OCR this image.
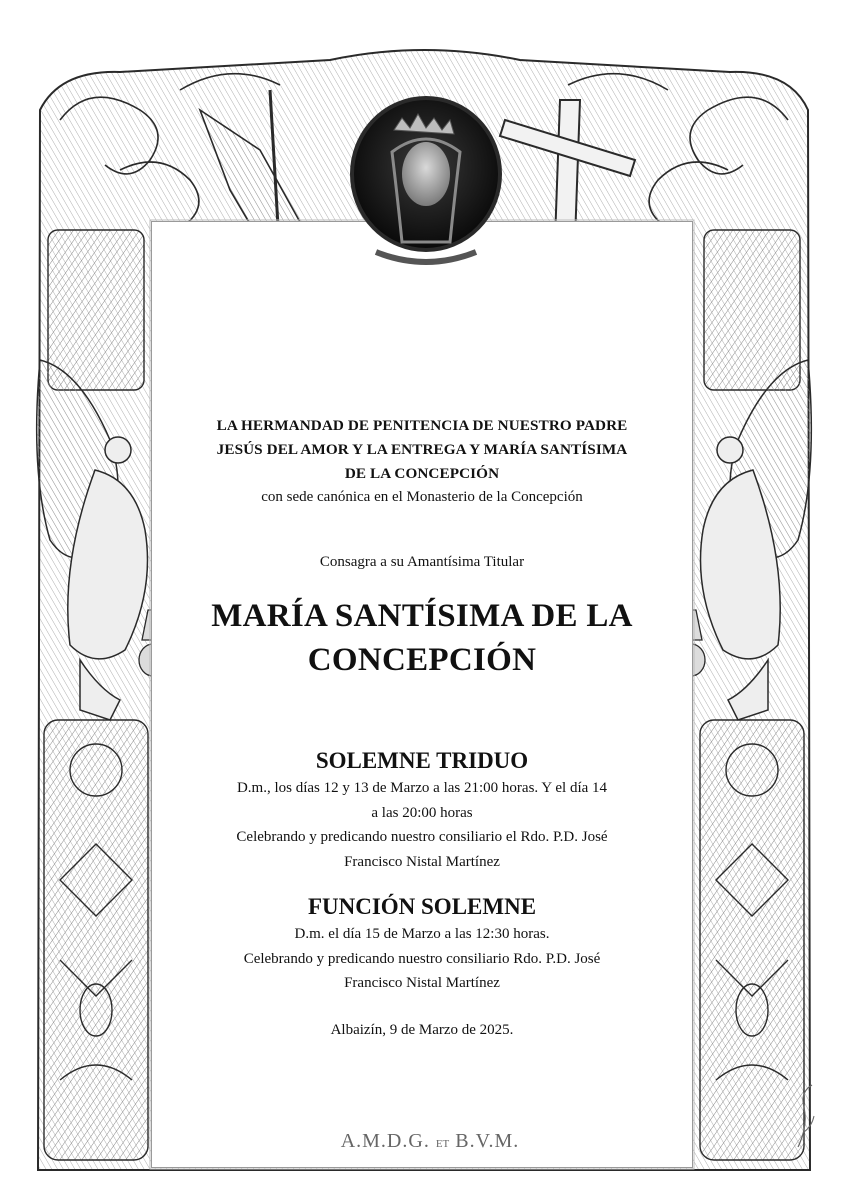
LA HERMANDAD DE PENITENCIA DE NUESTRO PADRE
JESÚS DEL AMOR Y LA ENTREGA Y MARÍA SANTÍSIMA
DE LA CONCEPCIÓN
con sede canónica en el Monasterio de la Concepción
Consagra a su Amantísima Titular
MARÍA SANTÍSIMA DE LA
CONCEPCIÓN
SOLEMNE TRIDUO
D.m., los días 12 y 13 de Marzo a las 21:00 horas. Y el día 14
a las 20:00 horas
Celebrando y predicando nuestro consiliario el Rdo. P.D. José
Francisco Nistal Martínez
FUNCIÓN SOLEMNE
D.m. el día 15 de Marzo a las 12:30 horas.
Celebrando y predicando nuestro consiliario Rdo. P.D. José
Francisco Nistal Martínez
Albaizín, 9 de Marzo de 2025.
A.M.D.G. ET B.V.M.
